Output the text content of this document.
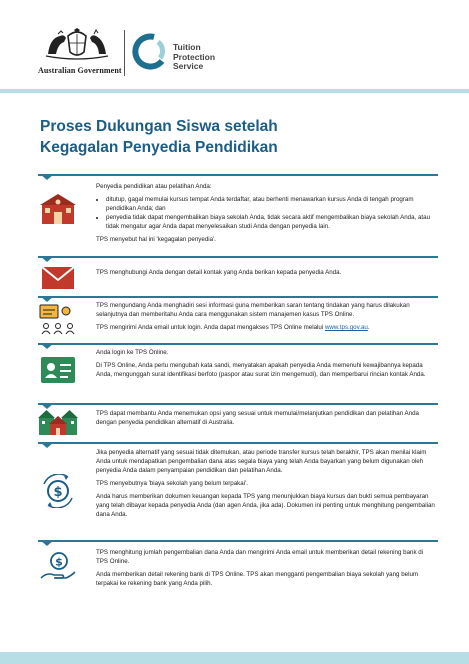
Australian Government
Tuition
Protection
Service
Proses Dukungan Siswa setelah
Kegagalan Penyedia Pendidikan

Penyedia pendidikan atau pelatihan Anda:

• ditutup, gagal memulai kursus tempat Anda terdaftar, atau berhenti menawarkan kursus Anda di tengah program pendidikan Anda; dan
• penyedia tidak dapat mengembalikan biaya sekolah Anda, tidak secara aktif mengembalikan biaya sekolah Anda, atau tidak mengatur agar Anda dapat menyelesaikan studi Anda dengan penyedia lain.

TPS menyebut hal ini 'kegagalan penyedia'.

TPS menghubungi Anda dengan detail kontak yang Anda berikan kepada penyedia Anda.

TPS mengundang Anda menghadiri sesi informasi guna memberikan saran tentang tindakan yang harus dilakukan selanjutnya dan memberitahu Anda cara menggunakan sistem manajemen kasus TPS Online.

TPS mengirimi Anda email untuk login. Anda dapat mengakses TPS Online melalui www.tps.gov.au.

Anda login ke TPS Online.

Di TPS Online, Anda perlu mengubah kata sandi, menyatakan apakah penyedia Anda memenuhi kewajibannya kepada Anda, mengunggah surat identifikasi berfoto (paspor atau surat izin mengemudi), dan memperbarui rincian kontak Anda.

TPS dapat membantu Anda menemukan opsi yang sesuai untuk memulai/melanjutkan pendidikan dan pelatihan Anda dengan penyedia pendidikan alternatif di Australia.

$

Jika penyedia alternatif yang sesuai tidak ditemukan, atau periode transfer kursus telah berakhir, TPS akan menilai klaim Anda untuk mendapatkan pengembalian dana atas segala biaya yang telah Anda bayarkan yang belum digunakan oleh penyedia Anda dalam penyampaian pendidikan dan pelatihan Anda.

TPS menyebutnya 'biaya sekolah yang belum terpakai'.

Anda harus memberikan dokumen keuangan kepada TPS yang menunjukkan biaya kursus dan bukti semua pembayaran yang telah dibayar kepada penyedia Anda (dan agen Anda, jika ada). Dokumen ini penting untuk menghitung pengembalian dana Anda.

$

TPS menghitung jumlah pengembalian dana Anda dan mengirimi Anda email untuk memberikan detail rekening bank di TPS Online.

Anda memberikan detail rekening bank di TPS Online. TPS akan mengganti pengembalian biaya sekolah yang belum terpakai ke rekening bank yang Anda pilih.
